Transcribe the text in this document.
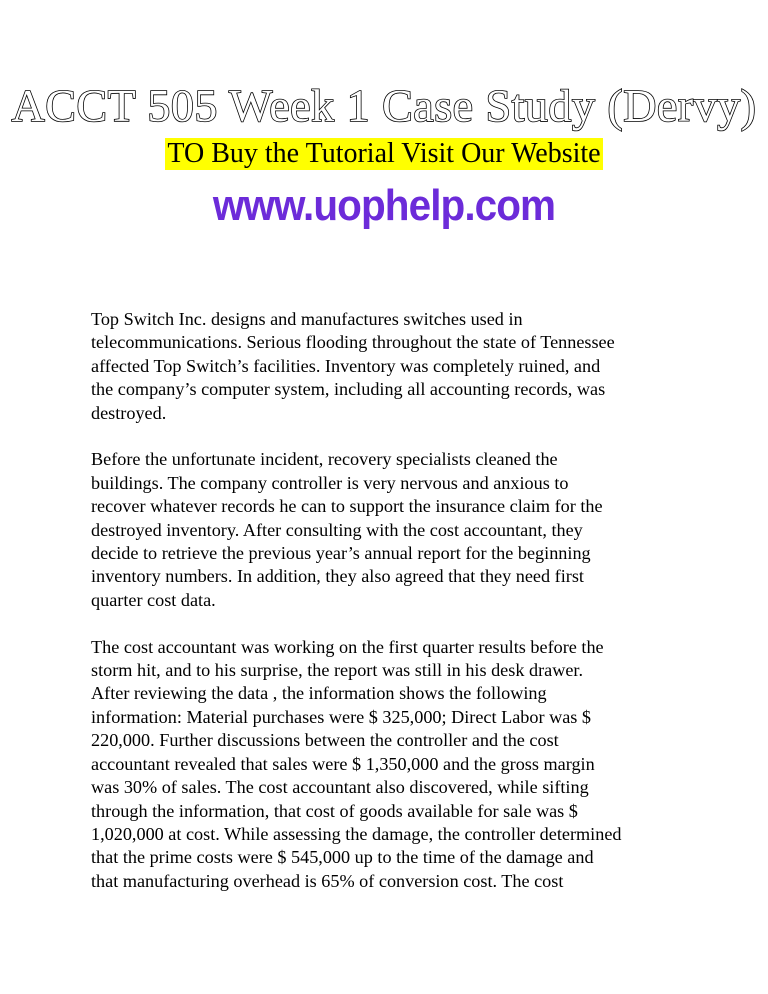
ACCT 505 Week 1 Case Study (Dervy)
TO Buy the Tutorial Visit Our Website
www.uophelp.com

Top Switch Inc. designs and manufactures switches used in
telecommunications. Serious flooding throughout the state of Tennessee
affected Top Switch’s facilities. Inventory was completely ruined, and
the company’s computer system, including all accounting records, was
destroyed.

Before the unfortunate incident, recovery specialists cleaned the
buildings. The company controller is very nervous and anxious to
recover whatever records he can to support the insurance claim for the
destroyed inventory. After consulting with the cost accountant, they
decide to retrieve the previous year’s annual report for the beginning
inventory numbers. In addition, they also agreed that they need first
quarter cost data.

The cost accountant was working on the first quarter results before the
storm hit, and to his surprise, the report was still in his desk drawer.
After reviewing the data , the information shows the following
information: Material purchases were $ 325,000; Direct Labor was $
220,000. Further discussions between the controller and the cost
accountant revealed that sales were $ 1,350,000 and the gross margin
was 30% of sales. The cost accountant also discovered, while sifting
through the information, that cost of goods available for sale was $
1,020,000 at cost. While assessing the damage, the controller determined
that the prime costs were $ 545,000 up to the time of the damage and
that manufacturing overhead is 65% of conversion cost. The cost
